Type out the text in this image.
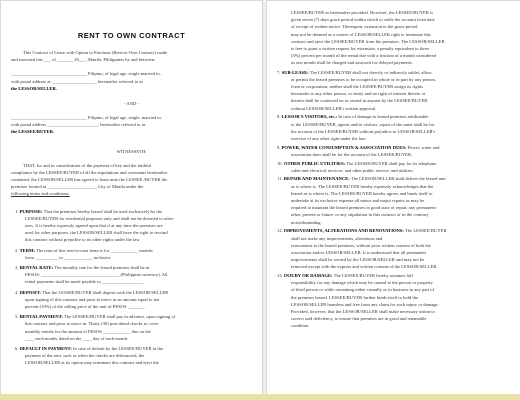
RENT TO OWN CONTRACT
This Contract of Lease with Option to Purchase (Rent-to-Own Contract) made
and executed this ___ of _______ 20___, Manila, Philippines by and between:
_________________________________ Filipino, of legal age, single married to,
with postal address at ___________________, hereinafter referred to as
the LESSOR/SELLER.
- AND -
_________________________________ Filipino, of legal age, single, married to,
with postal address ______________________, hereinafter referred to as
the LESSEE/BUYER.
WITNESSETH:
THAT, for and in consideration of the payment of key and the faithful
compliance by the LESSEE/BUYER of all the stipulations and covenants hereinafter
contained, the LESSOR/SELLER has agreed to lease unto the LESSEE /BUYER the
premises located at _____________________, City of Manila under the
following terms and conditions:
1. PURPOSE: That the premises hereby leased shall be used exclusively by the
LESSEE/BUYER for residential purposes only and shall not be diverted to other
uses. It is hereby expressly agreed upon that if at any time the premises are
used for other purposes, the LESSOR/SELLER shall have the right to rescind
this contract without prejudice to its other rights under the law.
2. TERM: The term of this rent-to-own lease is for ____________ months
from __________ to ____________, inclusive.
3. RENTAL RATE: The monthly rate for the leased premises shall be in
PESOS: __________________________________ (Philippine currency). All
rental payments shall be made payable to __________________.
4. DEPOSIT: That the LESSEE/BUYER shall deposit with the LESSOR/SELLER
upon signing of this contract and prior to move in an amount equal to ten
percent (10%) of the selling price of the unit of PESOS _______.
5. RENTAL PAYMENT: The LESSEE/BUYER shall pay in advance, upon signing of
this contract and prior to move in. Thirty (30) post-dated checks to cover
monthly rentals for the amount of PESOS ____________ due on the
____ each month, dated on the ____ day of each month.
6. DEFAULT IN PAYMENT: In case of default by the LESSEE/BUYER in the
payment of the rent, such as when the checks are dishonored, the
LESSOR/SELLER at its option may terminate this contract and eject the
LESSEE/BUYER as hereinafter provided. However, the LESSEE/BUYER is
given seven (7) days grace period within which to settle the account from date
of receipt of written notice. Thereupon, extension to the grace period
may not be deemed as a waiver of LESSOR/SELLER right to terminate this
contract and eject the LESSEE/BUYER from the premises. The LESSOR/SELLER
is free to grant a written request for extension, a penalty equivalent to three
(3%) percent per month of the rental due with a fraction of a month considered
as one month shall be charged and assessed for delayed payments.
7. SUB-LEASE: The LESSEE/BUYER shall not directly or indirectly sublet, allow
or permit the leased premises to be occupied in whole or in part by any person,
form or corporation, neither shall the LESSEE/BUYER assign its rights
hereunder to any other person, or entity and no right of interest thereto or
therein shall be conferred on or vested in anyone by the LESSEE/BUYER
without LESSOR/SELLER's written approval.
8. LESSOR'S VISITORS, etc.: In case of damage to leased premises attributable
to the LESSEE/BUYER, agents and/or visitors, repair of the same shall be for
the account of the LESSEE/BUYER without prejudice to LESSOR/SELLER's
exercise of any other right under the law.
9. POWER, WATER CONSUMPTION & ASSOCIATION DUES: Power, water and
association dues shall be for the account of the LESSEE/BUYER.
10. OTHER PUBLIC UTILITIES: The LESSEE/BUYER shall pay for its telephone,
cable and electrical services, and other public service, and utilities.
11. REPAIR AND MAINTENANCE: The LESSOR/SELLER shall deliver the leased unit
as is where is. The LESSEE/BUYER hereby expressly acknowledges that the
leased as is where is. The LESSEE/BUYER hereby agrees and binds itself to
undertake at its exclusive expense all minor and major repairs as may be
required to maintain the leased premises in good state of repair, any permanent
other, present or future, or any stipulation in this contract or in the contrary
notwithstanding.
12. IMPROVEMENTS, ALTERATIONS AND RENOVATIONS: The LESSEE/BUYER
shall not make any improvements, alterations and
renovations to the leased premises, without prior written consent of both the
association and/or LESSOR/SELLER. It is understood that all permanent
improvements shall be owned by the LESSOR/SELLER and may not be
removed except with the express and written consent of the LESSOR/SELLER.
13. INJURY OR DAMAGE: The LESSEE/BUYER hereby assumes full
responsibility for any damage which may be caused to the person or property
of third person or while remaining either casually or in business in any part of
the premises leased. LESSEE/BUYER further binds itself to hold the
LESSOR/SELLER harmless and free from any claim for such injury or damage.
Provided, however, that the LESSOR/SELLER shall make necessary action to
correct said deficiency, to ensure that premises are in good and tenantable
condition.
